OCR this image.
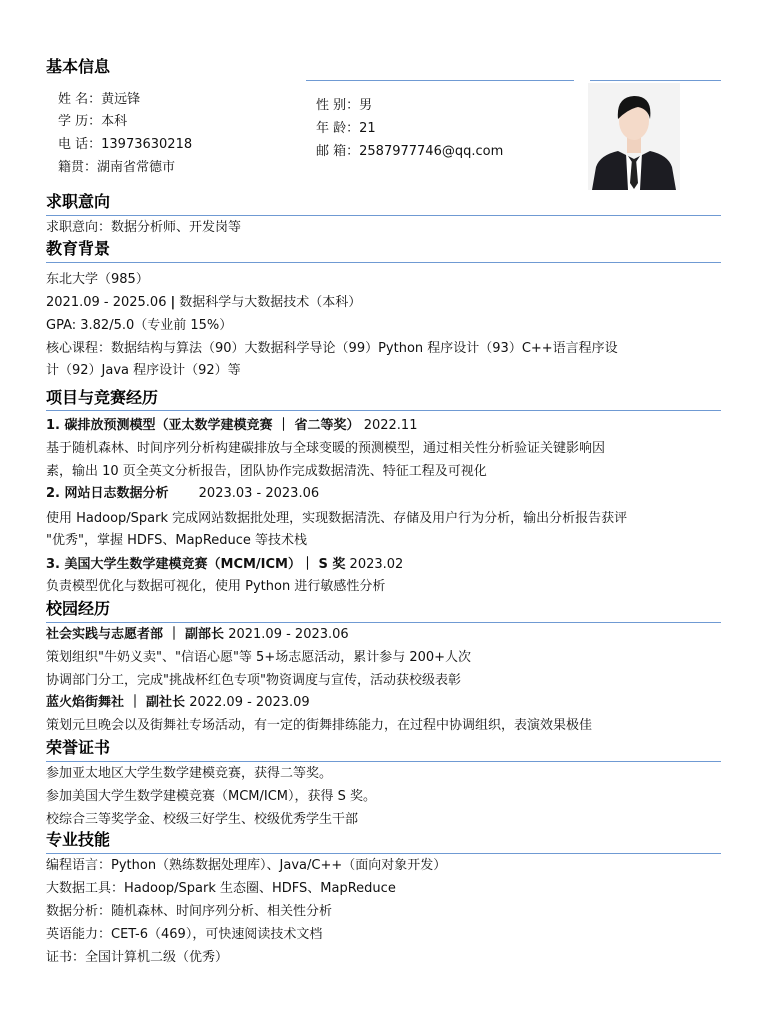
基本信息
姓 名：黄远锋
学 历：本科
电 话：13973630218
籍贯：湖南省常德市
性 别：男
年 龄：21
邮 箱：2587977746@qq.com
求职意向
求职意向：数据分析师、开发岗等
教育背景
东北大学（985）
2021.09 - 2025.06 | 数据科学与大数据技术（本科）
GPA: 3.82/5.0（专业前 15%）
核心课程：数据结构与算法（90）大数据科学导论（99）Python 程序设计（93）C++语言程序设
计（92）Java 程序设计（92）等
项目与竞赛经历
1. 碳排放预测模型（亚太数学建模竞赛 ｜ 省二等奖） 2022.11
基于随机森林、时间序列分析构建碳排放与全球变暖的预测模型，通过相关性分析验证关键影响因
素，输出 10 页全英文分析报告，团队协作完成数据清洗、特征工程及可视化
2. 网站日志数据分析 2023.03 - 2023.06
使用 Hadoop/Spark 完成网站数据批处理，实现数据清洗、存储及用户行为分析，输出分析报告获评
"优秀"，掌握 HDFS、MapReduce 等技术栈
3. 美国大学生数学建模竞赛（MCM/ICM）｜ S 奖 2023.02
负责模型优化与数据可视化，使用 Python 进行敏感性分析
校园经历
社会实践与志愿者部 ｜ 副部长 2021.09 - 2023.06
策划组织"牛奶义卖"、"信语心愿"等 5+场志愿活动，累计参与 200+人次
协调部门分工，完成"挑战杯红色专项"物资调度与宣传，活动获校级表彰
蓝火焰街舞社 ｜ 副社长 2022.09 - 2023.09
策划元旦晚会以及街舞社专场活动，有一定的街舞排练能力，在过程中协调组织，表演效果极佳
荣誉证书
参加亚太地区大学生数学建模竞赛，获得二等奖。
参加美国大学生数学建模竞赛（MCM/ICM），获得 S 奖。
校综合三等奖学金、校级三好学生、校级优秀学生干部
专业技能
编程语言：Python（熟练数据处理库）、Java/C++（面向对象开发）
大数据工具：Hadoop/Spark 生态圈、HDFS、MapReduce
数据分析：随机森林、时间序列分析、相关性分析
英语能力：CET-6（469），可快速阅读技术文档
证书：全国计算机二级（优秀）
